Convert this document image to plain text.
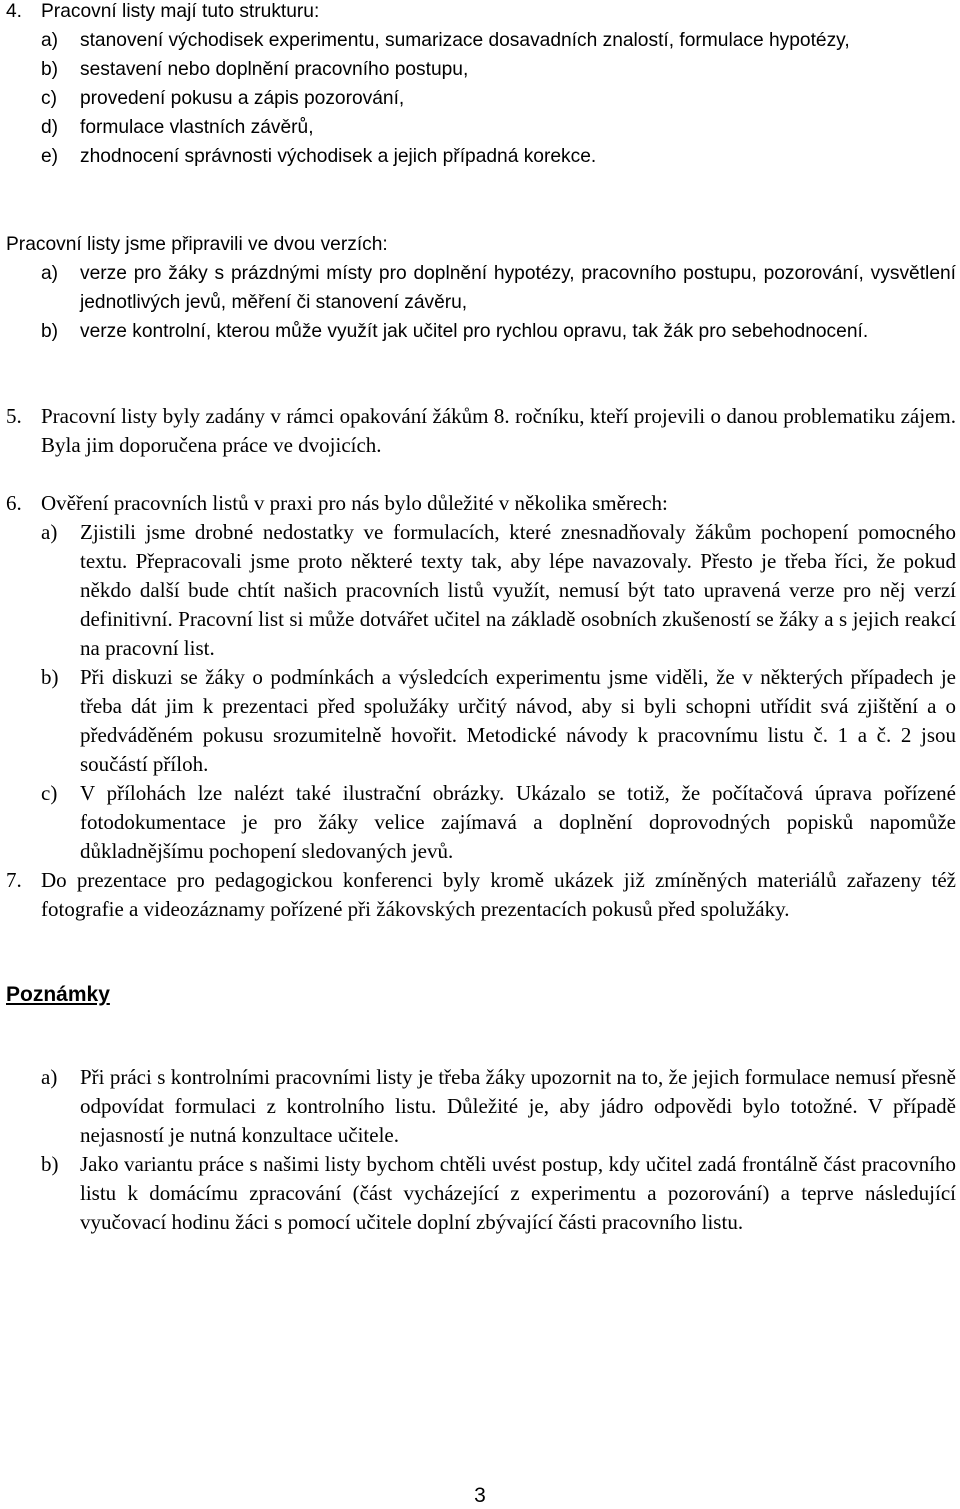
4. Pracovní listy mají tuto strukturu:
a) stanovení východisek experimentu, sumarizace dosavadních znalostí, formulace hypotézy,
b) sestavení nebo doplnění pracovního postupu,
c) provedení pokusu a zápis pozorování,
d) formulace vlastních závěrů,
e) zhodnocení správnosti východisek a jejich případná korekce.
Pracovní listy jsme připravili ve dvou verzích:
a) verze pro žáky s prázdnými místy pro doplnění hypotézy, pracovního postupu, pozorování, vysvětlení jednotlivých jevů, měření či stanovení závěru,
b) verze kontrolní, kterou může využít jak učitel pro rychlou opravu, tak žák pro sebehodnocení.
5. Pracovní listy byly zadány v rámci opakování žákům 8. ročníku, kteří projevili o danou problematiku zájem. Byla jim doporučena práce ve dvojicích.
6. Ověření pracovních listů v praxi pro nás bylo důležité v několika směrech:
a) Zjistili jsme drobné nedostatky ve formulacích, které znesnadňovaly žákům pochopení pomocného textu. Přepracovali jsme proto některé texty tak, aby lépe navazovaly. Přesto je třeba říci, že pokud někdo další bude chtít našich pracovních listů využít, nemusí být tato upravená verze pro něj verzí definitivní. Pracovní list si může dotvářet učitel na základě osobních zkušeností se žáky a s jejich reakcí na pracovní list.
b) Při diskuzi se žáky o podmínkách a výsledcích experimentu jsme viděli, že v některých případech je třeba dát jim k prezentaci před spolužáky určitý návod, aby si byli schopni utřídit svá zjištění a o předváděném pokusu srozumitelně hovořit. Metodické návody k pracovnímu listu č. 1 a č. 2 jsou součástí příloh.
c) V přílohách lze nalézt také ilustrační obrázky. Ukázalo se totiž, že počítačová úprava pořízené fotodokumentace je pro žáky velice zajímavá a doplnění doprovodných popisků napomůže důkladnějšímu pochopení sledovaných jevů.
7. Do prezentace pro pedagogickou konferenci byly kromě ukázek již zmíněných materiálů zařazeny též fotografie a videozáznamy pořízené při žákovských prezentacích pokusů před spolužáky.
Poznámky
a) Při práci s kontrolními pracovními listy je třeba žáky upozornit na to, že jejich formulace nemusí přesně odpovídat formulaci z kontrolního listu. Důležité je, aby jádro odpovědi bylo totožné. V případě nejasností je nutná konzultace učitele.
b) Jako variantu práce s našimi listy bychom chtěli uvést postup, kdy učitel zadá frontálně část pracovního listu k domácímu zpracování (část vycházející z experimentu a pozorování) a teprve následující vyučovací hodinu žáci s pomocí učitele doplní zbývající části pracovního listu.
3
